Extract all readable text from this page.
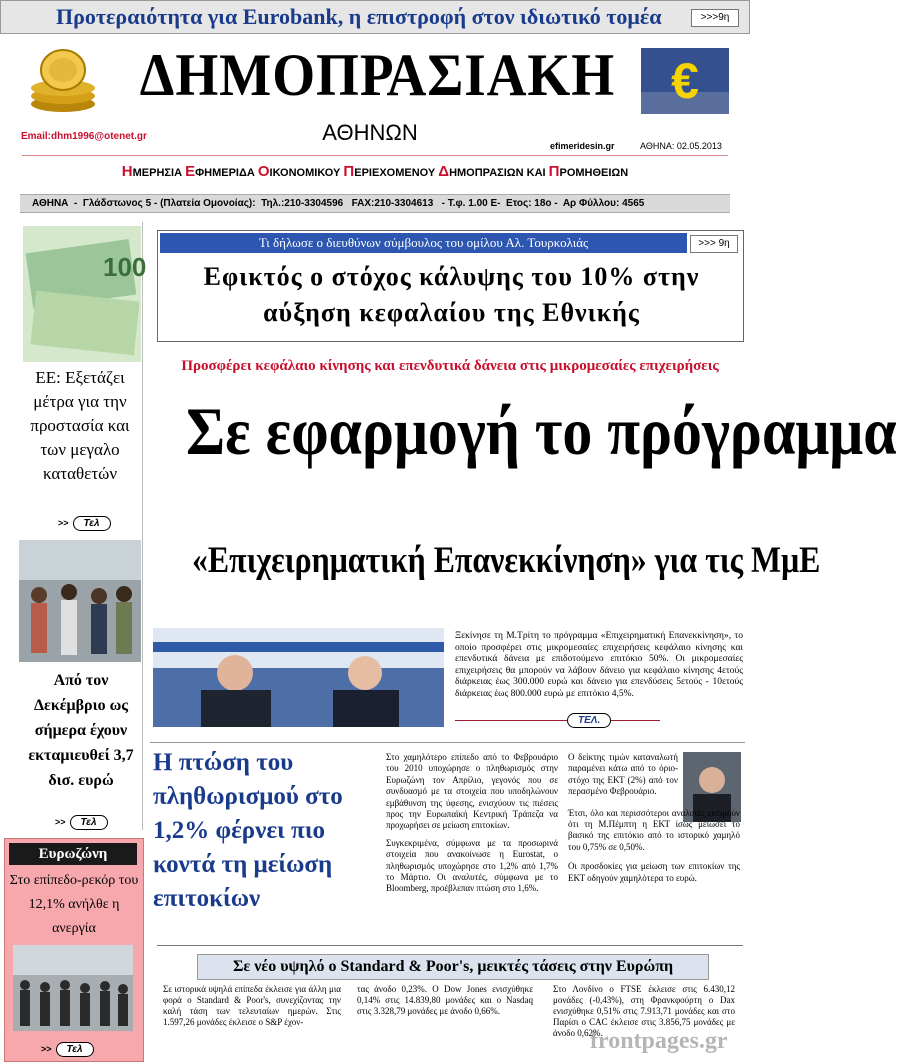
Προτεραιότητα για Eurobank, η επιστροφή στον ιδιωτικό τομέα	>>>9η
ΔΗΜΟΠΡΑΣΙΑΚΗ €
Email:dhm1996@otenet.gr	ΑΘΗΝΩΝ
efimeridesin.gr	ΑΘΗΝΑ: 02.05.2013
ΗΜΕΡΗΣΙΑ ΕΦΗΜΕΡΙΔΑ ΟΙΚΟΝΟΜΙΚΟΥ ΠΕΡΙΕΧΟΜΕΝΟΥ ΔΗΜΟΠΡΑΣΙΩΝ ΚΑΙ ΠΡΟΜΗΘΕΙΩΝ
ΑΘΗΝΑ  -  Γλάδστωνος 5 - (Πλατεία Ομονοίας):  Τηλ.:210-3304596   FAX:210-3304613   - Τ.φ. 1.00 E-  Ετος: 18ο -  Αρ Φύλλου: 4565
100
ΕΕ: Εξετάζει μέτρα για την προστασία και των μεγαλο καταθετών
>> Τελ
Από τον Δεκέμβριο ως σήμερα έχουν εκταμιευθεί 3,7 δισ. ευρώ
>> Τελ
Ευρωζώνη
Στο επίπεδο-ρεκόρ του 12,1% ανήλθε η ανεργία
>> Τελ
Τι δήλωσε ο διευθύνων σύμβουλος του ομίλου Αλ. Τουρκολιάς	>>> 9η
Εφικτός ο στόχος κάλυψης του 10% στην αύξηση κεφαλαίου της Εθνικής
Προσφέρει κεφάλαιο κίνησης και επενδυτικά δάνεια στις μικρομεσαίες επιχειρήσεις
Σε εφαρμογή το πρόγραμμα
«Επιχειρηματική Επανεκκίνηση» για τις ΜμΕ
Ξεκίνησε τη Μ.Τρίτη το πρόγραμμα «Επιχειρηματική Επανεκκίνηση», το οποίο προσφέρει στις μικρομεσαίες επιχειρήσεις κεφάλαιο κίνησης και επενδυτικά δάνεια με επιδοτούμενο επιτόκιο 50%. Οι μικρομεσαίες επιχειρήσεις θα μπορούν να λάβουν δάνειο για κεφάλαιο κίνησης 4ετούς διάρκειας έως 300.000 ευρώ και δάνειο για επενδύσεις 5ετούς - 10ετούς διάρκειας έως 800.000 ευρώ με επιτόκιο 4,5%.
ΤΕΛ.
Η πτώση του πληθωρισμού στο 1,2% φέρνει πιο κοντά τη μείωση επιτοκίων
Στο χαμηλότερο επίπεδο από το Φεβρουάριο του 2010 υποχώρησε ο πληθωρισμός στην Ευρωζώνη τον Απρίλιο, γεγονός που σε συνδυασμό με τα στοιχεία που υποδηλώνουν εμβάθυνση της ύφεσης, ενισχύουν τις πιέσεις προς την Ευρωπαϊκή Κεντρική Τράπεζα να προχωρήσει σε μείωση επιτοκίων.
Συγκεκριμένα, σύμφωνα με τα προσωρινά στοιχεία που ανακοίνωσε η Eurostat, ο πληθωρισμός υποχώρησε στο 1,2% από 1,7% το Μάρτιο. Οι αναλυτές, σύμφωνα με το Bloomberg, προέβλεπαν πτώση στο 1,6%.
Ο δείκτης τιμών καταναλωτή παραμένει κάτω από το όριο-στόχο της ΕΚΤ (2%) από τον περασμένο Φεβρουάριο.
Έτσι, όλο και περισσότεροι αναλυτές εκτιμούν ότι τη Μ.Πέμπτη η ΕΚΤ ίσως μειώσει το βασικό της επιτόκιο από το ιστορικό χαμηλό του 0,75% σε 0,50%.
Οι προσδοκίες για μείωση των επιτοκίων της ΕΚΤ οδηγούν χαμηλότερα το ευρώ.
Σε νέο υψηλό ο Standard & Poor's, μεικτές τάσεις στην Ευρώπη
Σε ιστορικά υψηλά επίπεδα έκλεισε για άλλη μια φορά ο Standard & Poor's, συνεχίζοντας την καλή τάση των τελευταίων ημερών. Στις 1.597,26 μονάδες έκλεισε ο S&P έχον-
τας άνοδο 0,23%. Ο Dow Jones ενισχύθηκε 0,14% στις 14.839,80 μονάδες και ο Nasdaq στις 3.328,79 μονάδες με άνοδο 0,66%.
Στο Λονδίνο ο FTSE έκλεισε στις 6.430,12 μονάδες (-0,43%), στη Φρανκφούρτη ο Dax ενισχύθηκε 0,51% στις 7.913,71 μονάδες και στο Παρίσι ο CAC έκλεισε στις 3.856,75 μονάδες με άνοδο 0,62%.
frontpages.gr
